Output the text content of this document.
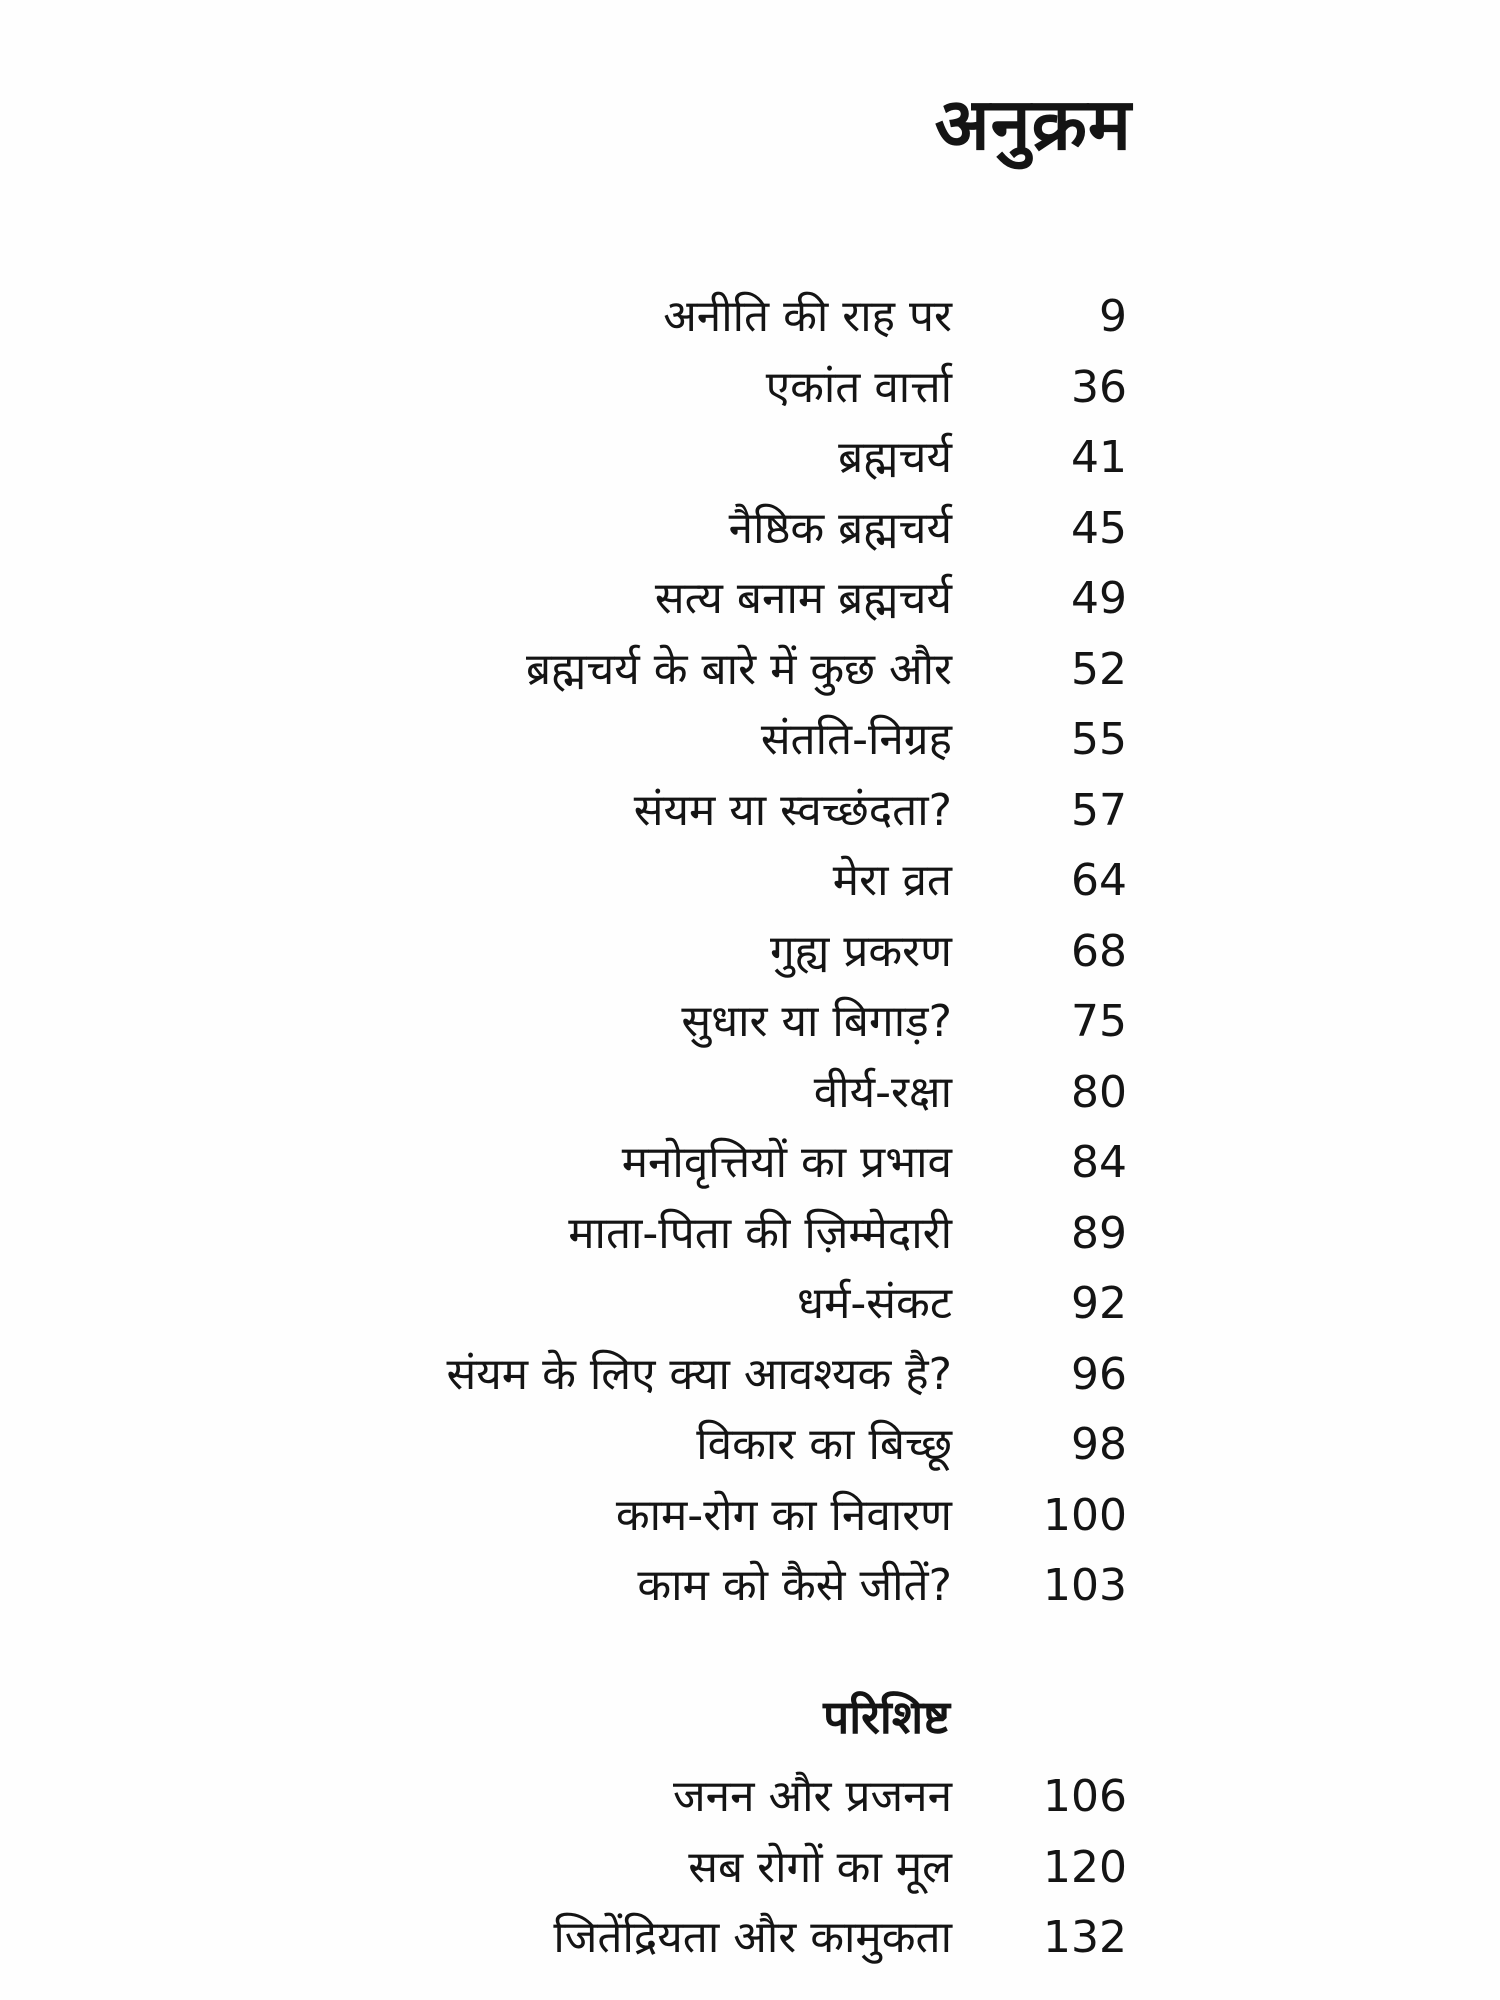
अनुक्रम
अनीति की राह पर	9
एकांत वार्त्ता	36
ब्रह्मचर्य	41
नैष्ठिक ब्रह्मचर्य	45
सत्य बनाम ब्रह्मचर्य	49
ब्रह्मचर्य के बारे में कुछ और	52
संतति-निग्रह	55
संयम या स्वच्छंदता?	57
मेरा व्रत	64
गुह्य प्रकरण	68
सुधार या बिगाड़?	75
वीर्य-रक्षा	80
मनोवृत्तियों का प्रभाव	84
माता-पिता की ज़िम्मेदारी	89
धर्म-संकट	92
संयम के लिए क्या आवश्यक है?	96
विकार का बिच्छू	98
काम-रोग का निवारण 100
काम को कैसे जीतें? 103
परिशिष्ट
जनन और प्रजनन 106
सब रोगों का मूल 120
जितेंद्रियता और कामुकता 132
